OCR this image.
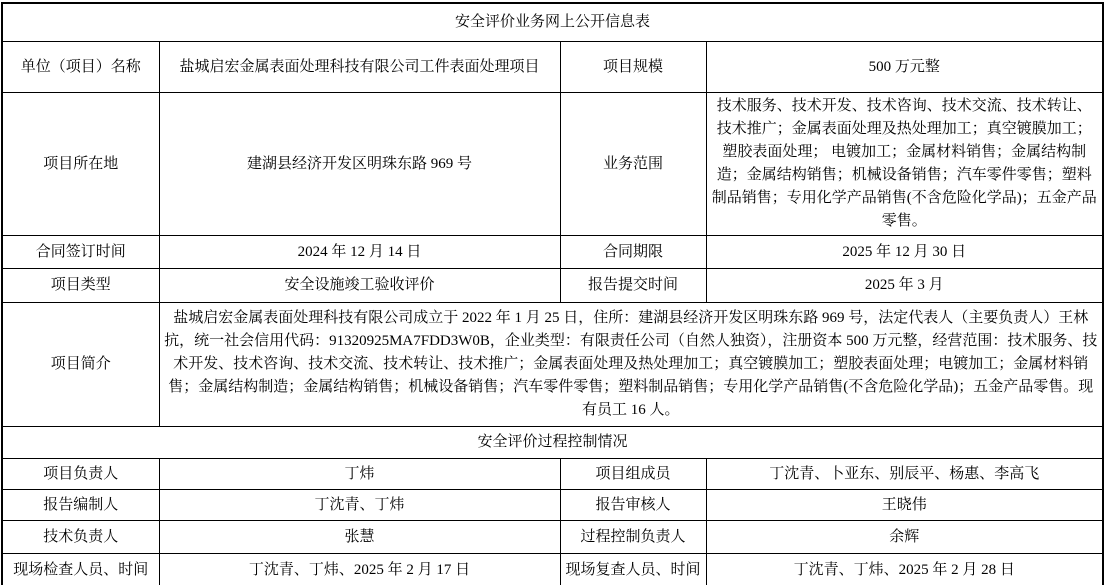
安全评价业务网上公开信息表			
单位（项目）名称	盐城启宏金属表面处理科技有限公司工件表面处理项目	项目规模	500 万元整
项目所在地	建湖县经济开发区明珠东路 969 号	业务范围	技术服务、技术开发、技术咨询、技术交流、技术转让、技术推广；金属表面处理及热处理加工；真空镀膜加工；塑胶表面处理； 电镀加工；金属材料销售；金属结构制造；金属结构销售；机械设备销售；汽车零件零售；塑料制品销售；专用化学产品销售(不含危险化学品)；五金产品零售。
合同签订时间	2024 年 12 月 14 日	合同期限	2025 年 12 月 30 日
项目类型	安全设施竣工验收评价	报告提交时间	2025 年 3 月
项目简介	盐城启宏金属表面处理科技有限公司成立于 2022 年 1 月 25 日，住所：建湖县经济开发区明珠东路 969 号，法定代表人（主要负责人）王林抗，统一社会信用代码：91320925MA7FDD3W0B，企业类型：有限责任公司（自然人独资），注册资本 500 万元整，经营范围：技术服务、技术开发、技术咨询、技术交流、技术转让、技术推广；金属表面处理及热处理加工；真空镀膜加工；塑胶表面处理；电镀加工；金属材料销售；金属结构制造；金属结构销售；机械设备销售；汽车零件零售；塑料制品销售；专用化学产品销售(不含危险化学品)；五金产品零售。现有员工 16 人。		
安全评价过程控制情况			
项目负责人	丁炜	项目组成员	丁沈青、卜亚东、别辰平、杨惠、李高飞
报告编制人	丁沈青、丁炜	报告审核人	王晓伟
技术负责人	张慧	过程控制负责人	余辉
现场检查人员、时间	丁沈青、丁炜、2025 年 2 月 17 日	现场复查人员、时间	丁沈青、丁炜、2025 年 2 月 28 日
